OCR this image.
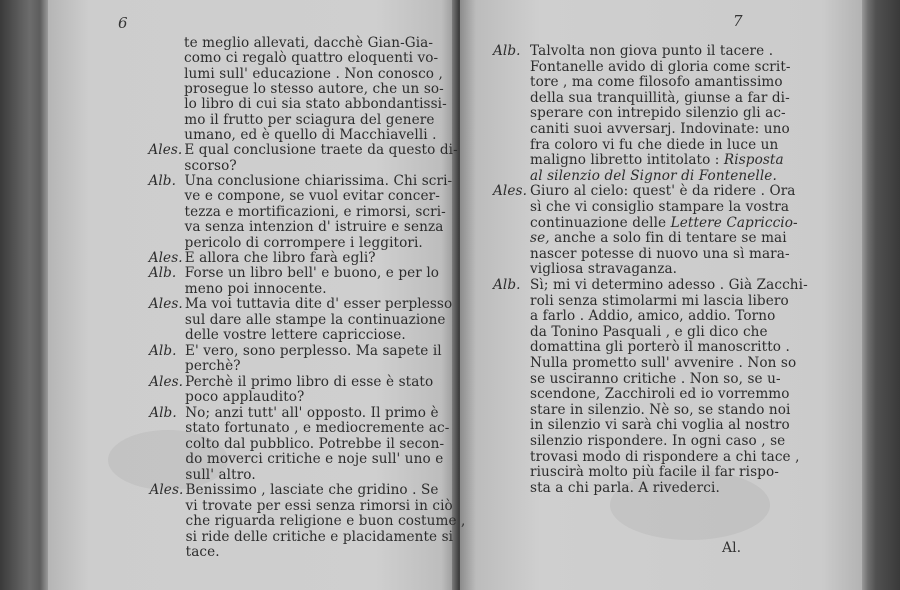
6	7
te meglio allevati, dacchè Gian-Gia-
como ci regalò quattro eloquenti vo-
lumi sull' educazione . Non conosco ,
prosegue lo stesso autore, che un so-
lo libro di cui sia stato abbondantissi-
mo il frutto per sciagura del genere
umano, ed è quello di Macchiavelli .
Ales. E qual conclusione traete da questo di-
scorso?
Alb. Una conclusione chiarissima. Chi scri-
ve e compone, se vuol evitar concer-
tezza e mortificazioni, e rimorsi, scri-
va senza intenzion d' istruire e senza
pericolo di corrompere i leggitori.
Ales. E allora che libro farà egli?
Alb. Forse un libro bell' e buono, e per lo
meno poi innocente.
Ales. Ma voi tuttavia dite d' esser perplesso
sul dare alle stampe la continuazione
delle vostre lettere capricciose.
Alb. E' vero, sono perplesso. Ma sapete il
perchè?
Ales. Perchè il primo libro di esse è stato
poco applaudito?
Alb. No; anzi tutt' all' opposto. Il primo è
stato fortunato , e mediocremente ac-
colto dal pubblico. Potrebbe il secon-
do moverci critiche e noje sull' uno e
sull' altro.
Ales. Benissimo , lasciate che gridino . Se
vi trovate per essi senza rimorsi in ciò
che riguarda religione e buon costume ,
si ride delle critiche e placidamente si
tace.
Alb. Talvolta non giova punto il tacere .
Fontanelle avido di gloria come scrit-
tore , ma come filosofo amantissimo
della sua tranquillità, giunse a far di-
sperare con intrepido silenzio gli ac-
caniti suoi avversarj. Indovinate: uno
fra coloro vi fu che diede in luce un
maligno libretto intitolato : Risposta
al silenzio del Signor di Fontenelle.
Ales. Giuro al cielo: quest' è da ridere . Ora
sì che vi consiglio stampare la vostra
continuazione delle Lettere Capriccio-
se, anche a solo fin di tentare se mai
nascer potesse di nuovo una sì mara-
vigliosa stravaganza.
Alb. Sì; mi vi determino adesso . Già Zacchi-
roli senza stimolarmi mi lascia libero
a farlo . Addio, amico, addio. Torno
da Tonino Pasquali , e gli dico che
domattina gli porterò il manoscritto .
Nulla prometto sull' avvenire . Non so
se usciranno critiche . Non so, se u-
scendone, Zacchiroli ed io vorremmo
stare in silenzio. Nè so, se stando noi
in silenzio vi sarà chi voglia al nostro
silenzio rispondere. In ogni caso , se
trovasi modo di rispondere a chi tace ,
riuscirà molto più facile il far rispo-
sta a chi parla. A rivederci.
Al.
